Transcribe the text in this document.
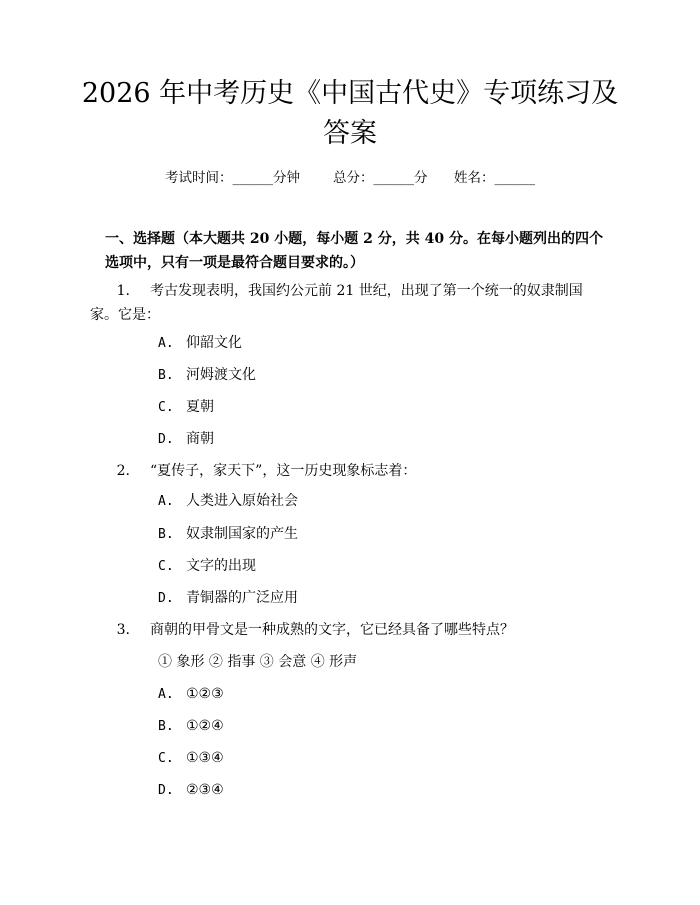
2026 年中考历史《中国古代史》专项练习及
答案
考试时间：______分钟 总分：______分 姓名：______
一、选择题（本大题共 20 小题，每小题 2 分，共 40 分。在每小题列出的四个选项中，只有一项是最符合题目要求的。）
1. 考古发现表明，我国约公元前 21 世纪，出现了第一个统一的奴隶制国家。它是：
A. 仰韶文化
B. 河姆渡文化
C. 夏朝
D. 商朝
2. “夏传子，家天下”，这一历史现象标志着：
A. 人类进入原始社会
B. 奴隶制国家的产生
C. 文字的出现
D. 青铜器的广泛应用
3. 商朝的甲骨文是一种成熟的文字，它已经具备了哪些特点？
① 象形 ② 指事 ③ 会意 ④ 形声
A. ①②③
B. ①②④
C. ①③④
D. ②③④
